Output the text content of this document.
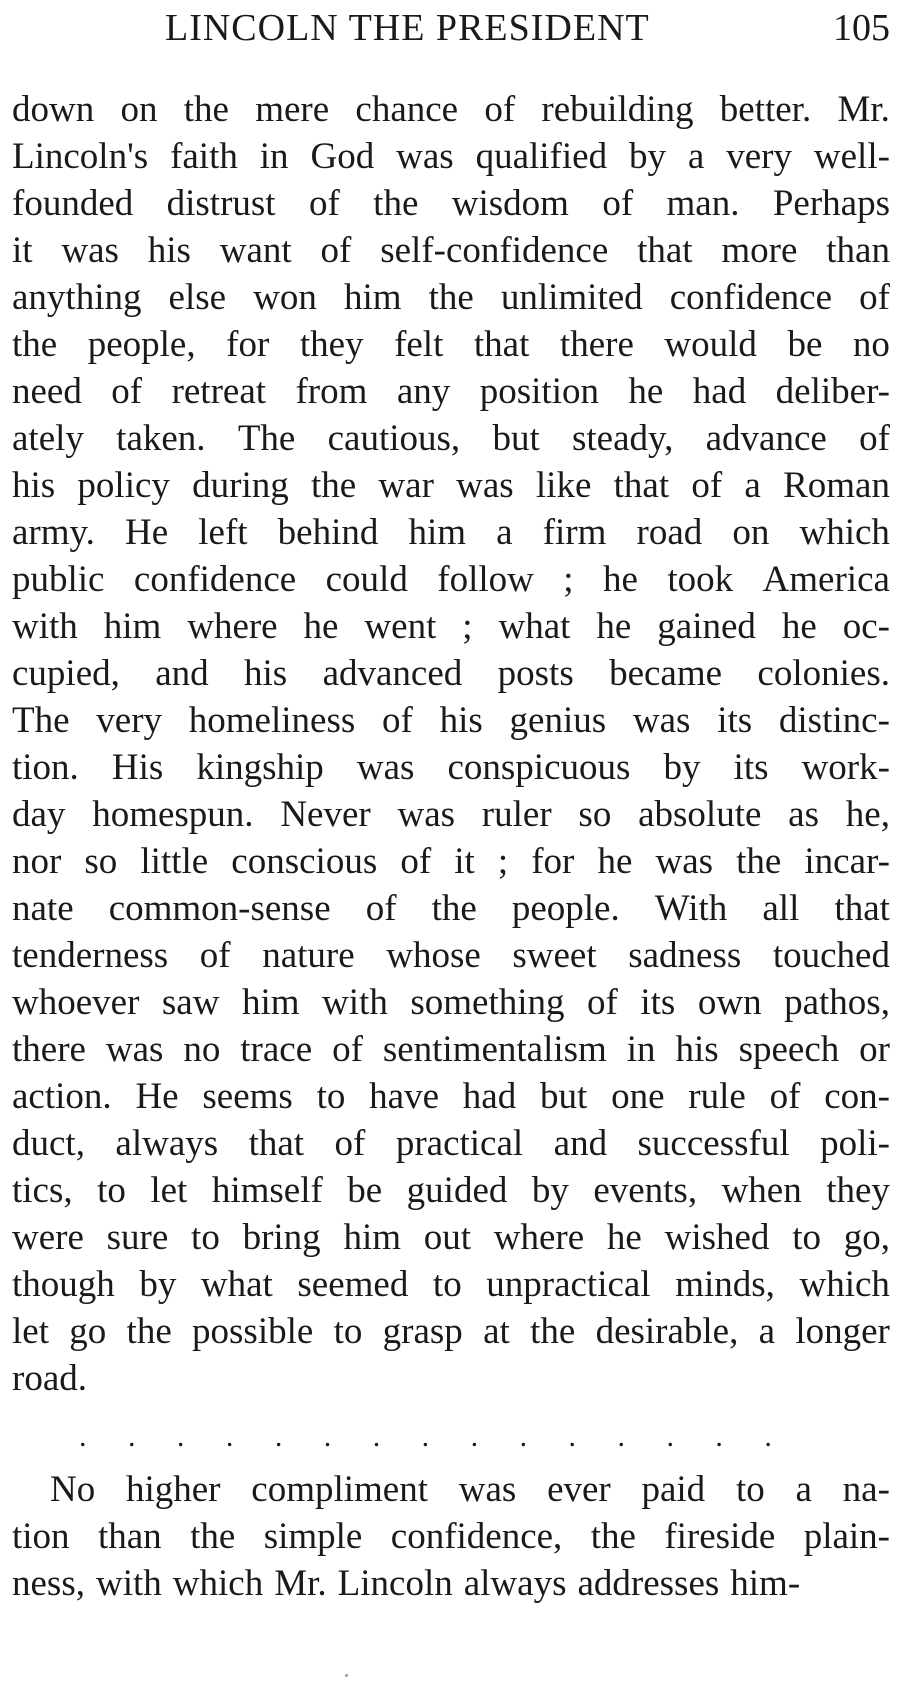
LINCOLN THE PRESIDENT	105
down on the mere chance of rebuilding better. Mr.
Lincoln's faith in God was qualified by a very well-
founded distrust of the wisdom of man. Perhaps
it was his want of self-confidence that more than
anything else won him the unlimited confidence of
the people, for they felt that there would be no
need of retreat from any position he had deliber-
ately taken. The cautious, but steady, advance of
his policy during the war was like that of a Roman
army. He left behind him a firm road on which
public confidence could follow ; he took America
with him where he went ; what he gained he oc-
cupied, and his advanced posts became colonies.
The very homeliness of his genius was its distinc-
tion. His kingship was conspicuous by its work-
day homespun. Never was ruler so absolute as he,
nor so little conscious of it ; for he was the incar-
nate common-sense of the people. With all that
tenderness of nature whose sweet sadness touched
whoever saw him with something of its own pathos,
there was no trace of sentimentalism in his speech or
action. He seems to have had but one rule of con-
duct, always that of practical and successful poli-
tics, to let himself be guided by events, when they
were sure to bring him out where he wished to go,
though by what seemed to unpractical minds, which
let go the possible to grasp at the desirable, a longer
road.
. . . . . . . . . . . . . . .
No higher compliment was ever paid to a na-
tion than the simple confidence, the fireside plain-
ness, with which Mr. Lincoln always addresses him-
